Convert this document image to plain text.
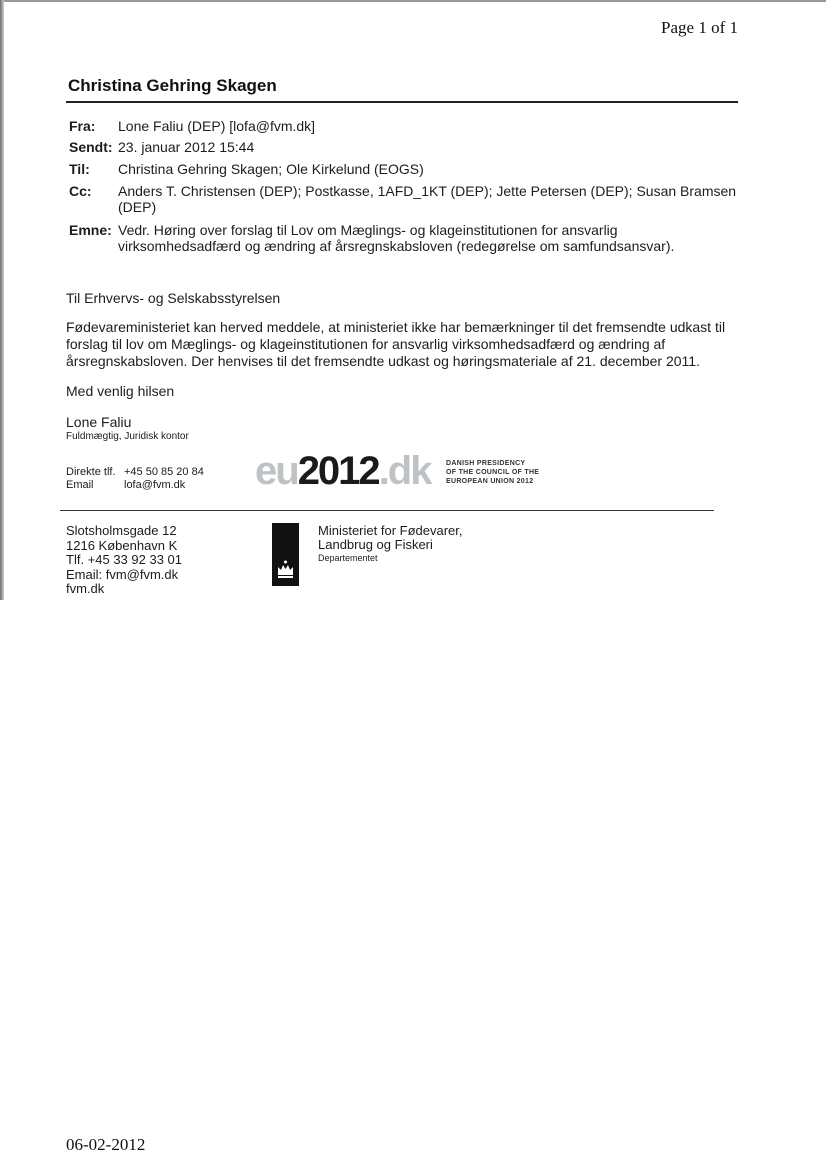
Page 1 of 1
Christina Gehring Skagen
Fra: Lone Faliu (DEP) [lofa@fvm.dk]
Sendt: 23. januar 2012 15:44
Til: Christina Gehring Skagen; Ole Kirkelund (EOGS)
Cc: Anders T. Christensen (DEP); Postkasse, 1AFD_1KT (DEP); Jette Petersen (DEP); Susan Bramsen (DEP)
Emne: Vedr. Høring over forslag til Lov om Mæglings- og klageinstitutionen for ansvarlig virksomhedsadfærd og ændring af årsregnskabsloven (redegørelse om samfundsansvar).
Til Erhvervs- og Selskabsstyrelsen
Fødevareministeriet kan herved meddele, at ministeriet ikke har bemærkninger til det fremsendte udkast til forslag til lov om Mæglings- og klageinstitutionen for ansvarlig virksomhedsadfærd og ændring af årsregnskabsloven. Der henvises til det fremsendte udkast og høringsmateriale af 21. december 2011.
Med venlig hilsen
Lone Faliu
Fuldmægtig, Juridisk kontor
Direkte tlf. +45 50 85 20 84
Email	lofa@fvm.dk eu2012.dk DANISH PRESIDENCY
OF THE COUNCIL OF THE
EUROPEAN UNION 2012
Slotsholmsgade 12
1216 København K
Tlf. +45 33 92 33 01
Email: fvm@fvm.dk
fvm.dk
Ministeriet for Fødevarer,
Landbrug og Fiskeri
Departementet
06-02-2012
